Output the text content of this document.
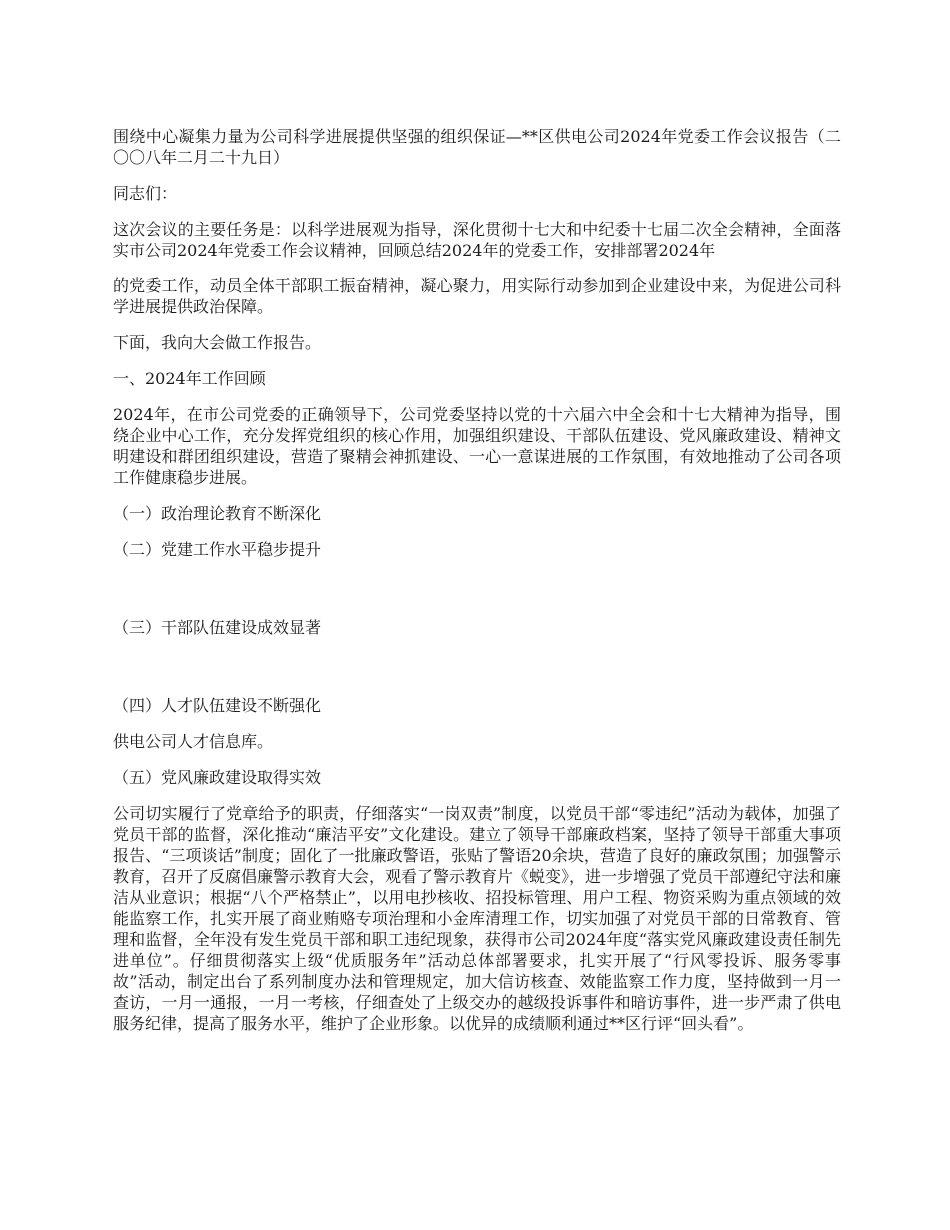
围绕中心凝集力量为公司科学进展提供坚强的组织保证—**区供电公司2024年党委工作会议报告（二〇〇八年二月二十九日）

同志们：

这次会议的主要任务是：以科学进展观为指导，深化贯彻十七大和中纪委十七届二次全会精神，全面落实市公司2024年党委工作会议精神，回顾总结2024年的党委工作，安排部署2024年

的党委工作，动员全体干部职工振奋精神，凝心聚力，用实际行动参加到企业建设中来，为促进公司科学进展提供政治保障。

下面，我向大会做工作报告。

一、2024年工作回顾

2024年，在市公司党委的正确领导下，公司党委坚持以党的十六届六中全会和十七大精神为指导，围绕企业中心工作，充分发挥党组织的核心作用，加强组织建设、干部队伍建设、党风廉政建设、精神文明建设和群团组织建设，营造了聚精会神抓建设、一心一意谋进展的工作氛围，有效地推动了公司各项工作健康稳步进展。

（一）政治理论教育不断深化

（二）党建工作水平稳步提升

（三）干部队伍建设成效显著

（四）人才队伍建设不断强化

供电公司人才信息库。

（五）党风廉政建设取得实效

公司切实履行了党章给予的职责，仔细落实“一岗双责”制度，以党员干部“零违纪”活动为载体，加强了党员干部的监督，深化推动“廉洁平安”文化建设。建立了领导干部廉政档案，坚持了领导干部重大事项报告、“三项谈话”制度；固化了一批廉政警语，张贴了警语20余块，营造了良好的廉政氛围；加强警示教育，召开了反腐倡廉警示教育大会，观看了警示教育片《蜕变》，进一步增强了党员干部遵纪守法和廉洁从业意识；根据“八个严格禁止”，以用电抄核收、招投标管理、用户工程、物资采购为重点领域的效能监察工作，扎实开展了商业贿赂专项治理和小金库清理工作，切实加强了对党员干部的日常教育、管理和监督，全年没有发生党员干部和职工违纪现象，获得市公司2024年度“落实党风廉政建设责任制先进单位”。仔细贯彻落实上级“优质服务年”活动总体部署要求，扎实开展了“行风零投诉、服务零事故”活动，制定出台了系列制度办法和管理规定，加大信访核查、效能监察工作力度，坚持做到一月一查访，一月一通报，一月一考核，仔细查处了上级交办的越级投诉事件和暗访事件，进一步严肃了供电服务纪律，提高了服务水平，维护了企业形象。以优异的成绩顺利通过**区行评“回头看”。
